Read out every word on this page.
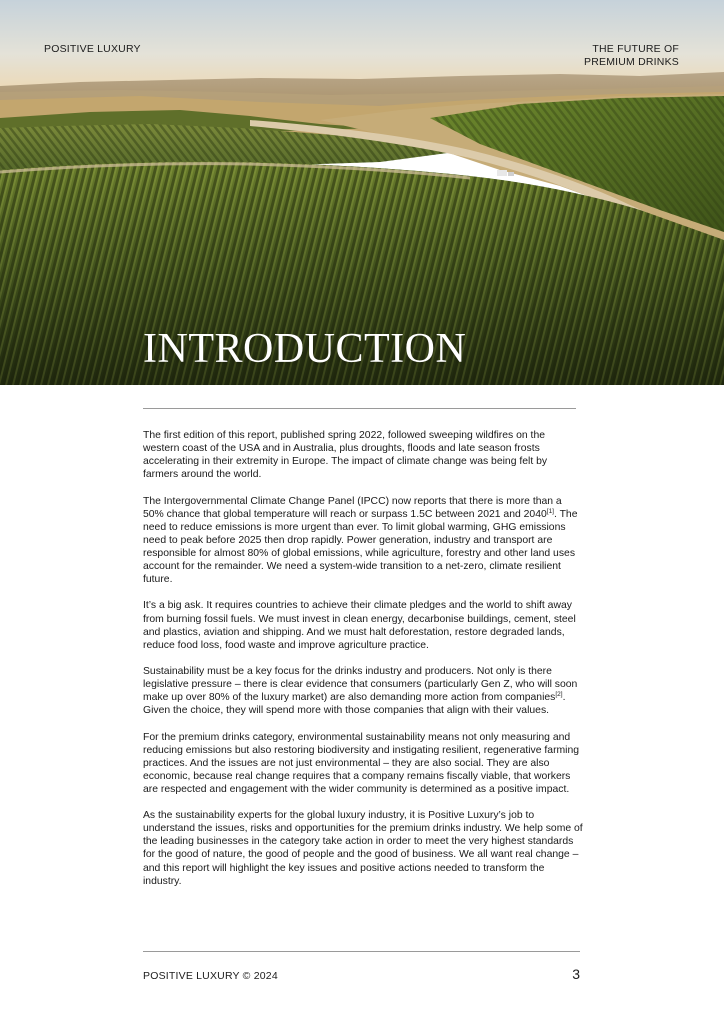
POSITIVE LUXURY	THE FUTURE OF
PREMIUM DRINKS
INTRODUCTION

The first edition of this report, published spring 2022, followed sweeping wildfires on the western coast of the USA and in Australia, plus droughts, floods and late season frosts accelerating in their extremity in Europe. The impact of climate change was being felt by farmers around the world.

The Intergovernmental Climate Change Panel (IPCC) now reports that there is more than a 50% chance that global temperature will reach or surpass 1.5C between 2021 and 2040[1]. The need to reduce emissions is more urgent than ever. To limit global warming, GHG emissions need to peak before 2025 then drop rapidly. Power generation, industry and transport are responsible for almost 80% of global emissions, while agriculture, forestry and other land uses account for the remainder. We need a system-wide transition to a net-zero, climate resilient future.

It’s a big ask. It requires countries to achieve their climate pledges and the world to shift away from burning fossil fuels. We must invest in clean energy, decarbonise buildings, cement, steel and plastics, aviation and shipping. And we must halt deforestation, restore degraded lands, reduce food loss, food waste and improve agriculture practice.

Sustainability must be a key focus for the drinks industry and producers. Not only is there legislative pressure – there is clear evidence that consumers (particularly Gen Z, who will soon make up over 80% of the luxury market) are also demanding more action from companies[2]. Given the choice, they will spend more with those companies that align with their values.

For the premium drinks category, environmental sustainability means not only measuring and reducing emissions but also restoring biodiversity and instigating resilient, regenerative farming practices. And the issues are not just environmental – they are also social. They are also economic, because real change requires that a company remains fiscally viable, that workers are respected and engagement with the wider community is determined as a positive impact.

As the sustainability experts for the global luxury industry, it is Positive Luxury’s job to understand the issues, risks and opportunities for the premium drinks industry. We help some of the leading businesses in the category take action in order to meet the very highest standards for the good of nature, the good of people and the good of business. We all want real change – and this report will highlight the key issues and positive actions needed to transform the industry.

POSITIVE LUXURY © 2024	3
